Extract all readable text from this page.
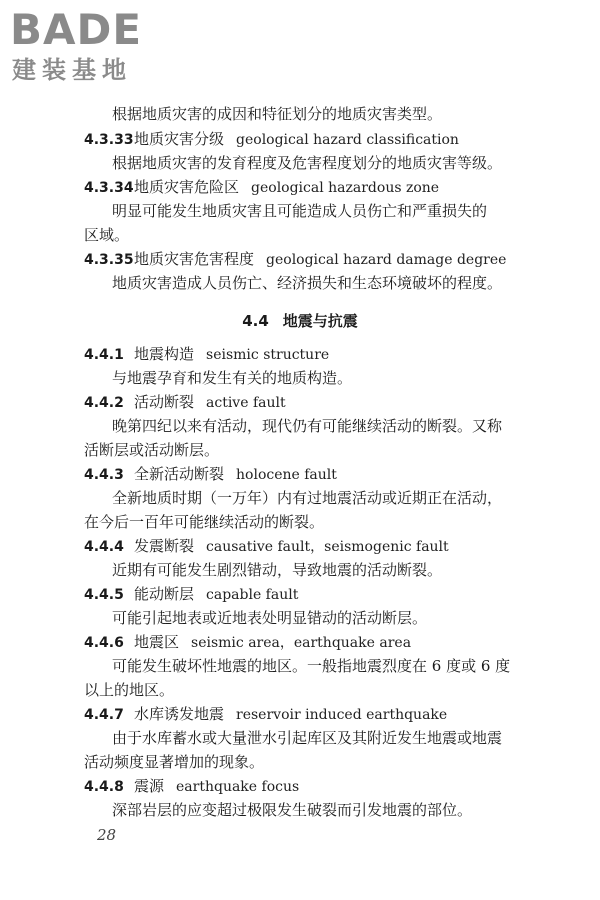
BADE
建装基地
根据地质灾害的成因和特征划分的地质灾害类型。
4.3.33地质灾害分级 geological hazard classification
根据地质灾害的发育程度及危害程度划分的地质灾害等级。
4.3.34地质灾害危险区 geological hazardous zone
明显可能发生地质灾害且可能造成人员伤亡和严重损失的
区域。
4.3.35地质灾害危害程度 geological hazard damage degree
地质灾害造成人员伤亡、经济损失和生态环境破坏的程度。
4.4 地震与抗震
4.4.1 地震构造 seismic structure
与地震孕育和发生有关的地质构造。
4.4.2 活动断裂 active fault
晚第四纪以来有活动，现代仍有可能继续活动的断裂。又称
活断层或活动断层。
4.4.3 全新活动断裂 holocene fault
全新地质时期（一万年）内有过地震活动或近期正在活动，
在今后一百年可能继续活动的断裂。
4.4.4 发震断裂 causative fault，seismogenic fault
近期有可能发生剧烈错动，导致地震的活动断裂。
4.4.5 能动断层 capable fault
可能引起地表或近地表处明显错动的活动断层。
4.4.6 地震区 seismic area，earthquake area
可能发生破坏性地震的地区。一般指地震烈度在 6 度或 6 度
以上的地区。
4.4.7 水库诱发地震 reservoir induced earthquake
由于水库蓄水或大量泄水引起库区及其附近发生地震或地震
活动频度显著增加的现象。
4.4.8 震源 earthquake focus
深部岩层的应变超过极限发生破裂而引发地震的部位。
28
